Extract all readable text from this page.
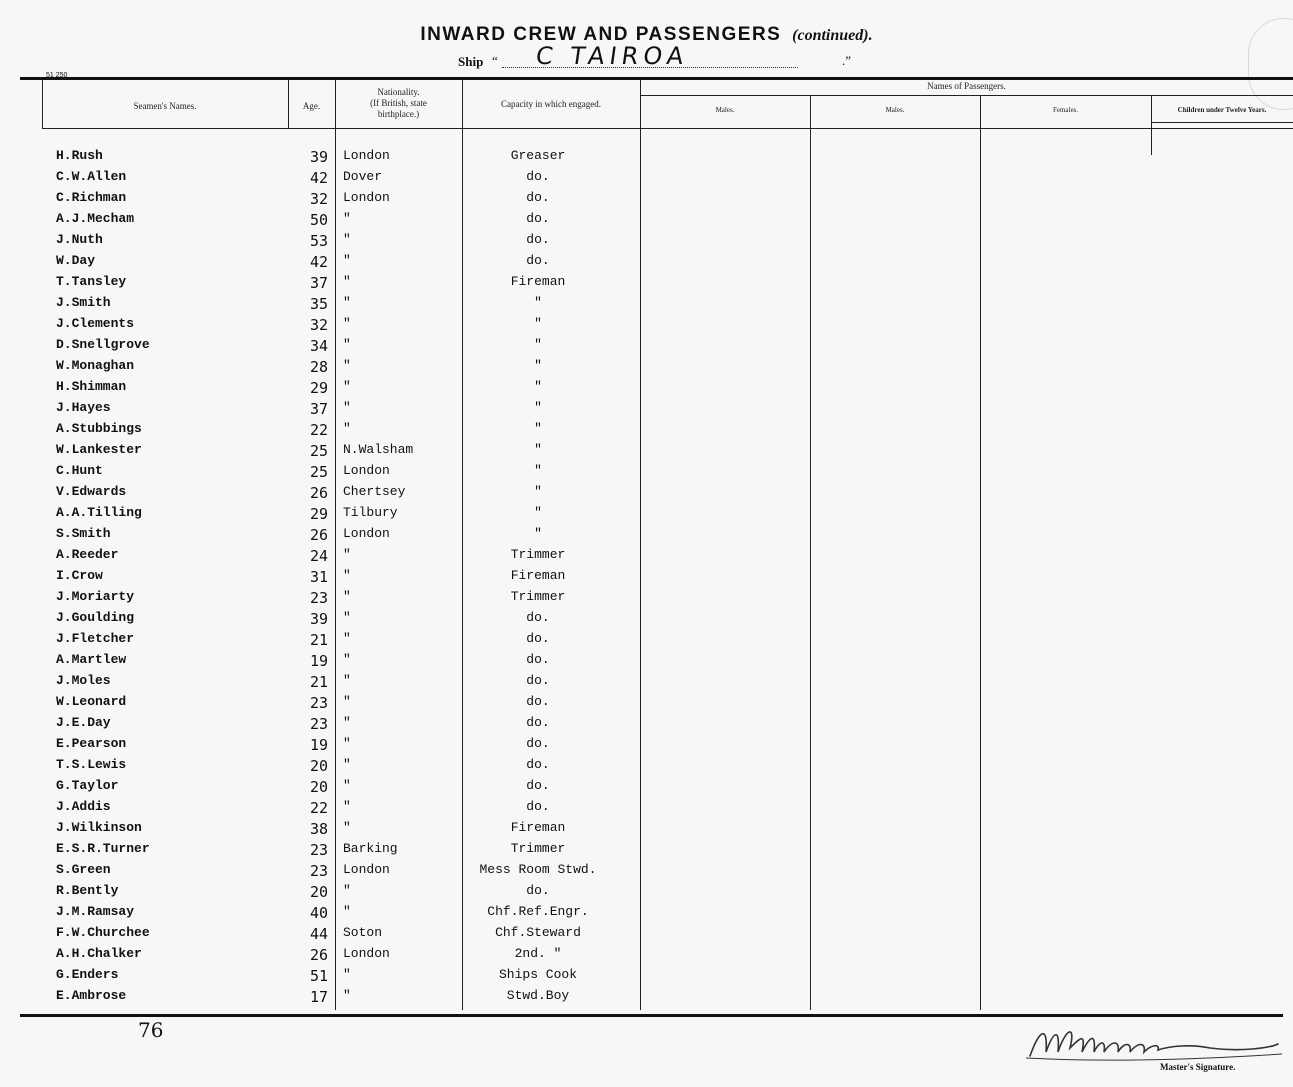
INWARD CREW AND PASSENGERS (continued).
Ship “ C TAIROA	.”
51 250
Seamen's Names.	Age.
Nationality.
(If British, state
birthplace.)
Capacity in which engaged.
Names of Passengers.
Males.	Males.	Females.	Children under Twelve Years.
H.Rush	39 London	Greaser
C.W.Allen	42 Dover	do.
C.Richman	32 London	do.
A.J.Mecham	50 "	do.
J.Nuth	53 "	do.
W.Day	42 "	do.
T.Tansley	37 "	Fireman
J.Smith	35 "	"
J.Clements	32 "	"
D.Snellgrove	34 "	"
W.Monaghan	28 "	"
H.Shimman	29 "	"
J.Hayes	37 "	"
A.Stubbings	22 "	"
W.Lankester	25 N.Walsham	"
C.Hunt	25 London	"
V.Edwards	26 Chertsey	"
A.A.Tilling	29 Tilbury	"
S.Smith	26 London	"
A.Reeder	24 "	Trimmer
I.Crow	31 "	Fireman
J.Moriarty	23 "	Trimmer
J.Goulding	39 "	do.
J.Fletcher	21 "	do.
A.Martlew	19 "	do.
J.Moles	21 "	do.
W.Leonard	23 "	do.
J.E.Day	23 "	do.
E.Pearson	19 "	do.
T.S.Lewis	20 "	do.
G.Taylor	20 "	do.
J.Addis	22 "	do.
J.Wilkinson	38 "	Fireman
E.S.R.Turner	23 Barking	Trimmer
S.Green	23 London	Mess Room Stwd.
R.Bently	20 "	do.
J.M.Ramsay	40 "	Chf.Ref.Engr.
F.W.Churchee	44 Soton	Chf.Steward
A.H.Chalker	26 London	2nd. "
G.Enders	51 "	Ships Cook
E.Ambrose	17 "	Stwd.Boy
76
Master's Signature.
